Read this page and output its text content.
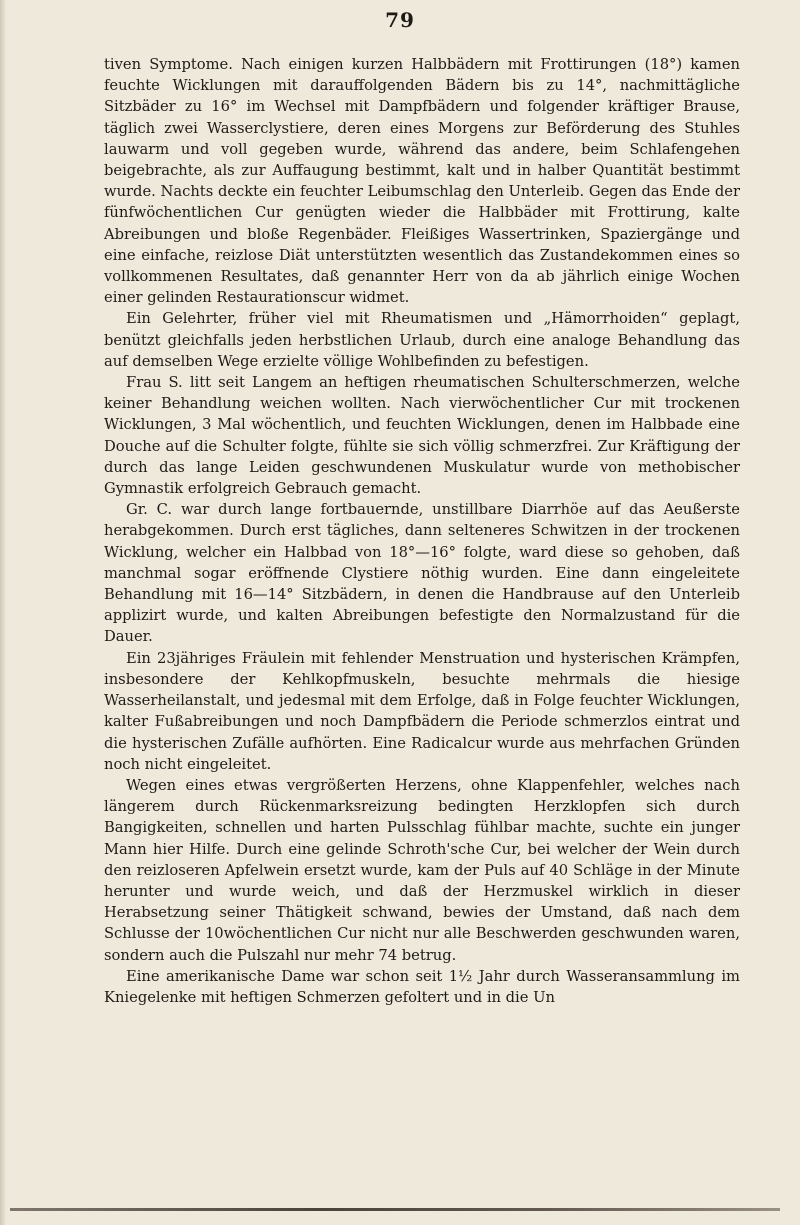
79

tiven Symptome. Nach einigen kurzen Halbbädern mit Frottirungen (18°) kamen feuchte Wicklungen mit darauffolgenden Bädern bis zu 14°, nachmittägliche Sitzbäder zu 16° im Wechsel mit Dampfbädern und folgender kräftiger Brause, täglich zwei Wasserclystiere, deren eines Morgens zur Beförderung des Stuhles lauwarm und voll gegeben wurde, während das andere, beim Schlafengehen beigebrachte, als zur Auffaugung bestimmt, kalt und in halber Quantität bestimmt wurde. Nachts deckte ein feuchter Leibumschlag den Unterleib. Gegen das Ende der fünfwöchentlichen Cur genügten wieder die Halbbäder mit Frottirung, kalte Abreibungen und bloße Regenbäder. Fleißiges Wassertrinken, Spaziergänge und eine einfache, reizlose Diät unterstützten wesentlich das Zustandekommen eines so vollkommenen Resultates, daß genannter Herr von da ab jährlich einige Wochen einer gelinden Restaurationscur widmet.

Ein Gelehrter, früher viel mit Rheumatismen und „Hämorrhoiden“ geplagt, benützt gleichfalls jeden herbstlichen Urlaub, durch eine analoge Behandlung das auf demselben Wege erzielte völlige Wohlbefinden zu befestigen.

Frau S. litt seit Langem an heftigen rheumatischen Schulterschmerzen, welche keiner Behandlung weichen wollten. Nach vierwöchentlicher Cur mit trockenen Wicklungen, 3 Mal wöchentlich, und feuchten Wicklungen, denen im Halbbade eine Douche auf die Schulter folgte, fühlte sie sich völlig schmerzfrei. Zur Kräftigung der durch das lange Leiden geschwundenen Muskulatur wurde von methobischer Gymnastik erfolgreich Gebrauch gemacht.

Gr. C. war durch lange fortbauernde, unstillbare Diarrhöe auf das Aeußerste herabgekommen. Durch erst tägliches, dann selteneres Schwitzen in der trockenen Wicklung, welcher ein Halbbad von 18°—16° folgte, ward diese so gehoben, daß manchmal sogar eröffnende Clystiere nöthig wurden. Eine dann eingeleitete Behandlung mit 16—14° Sitzbädern, in denen die Handbrause auf den Unterleib applizirt wurde, und kalten Abreibungen befestigte den Normalzustand für die Dauer.

Ein 23jähriges Fräulein mit fehlender Menstruation und hysterischen Krämpfen, insbesondere der Kehlkopfmuskeln, besuchte mehrmals die hiesige Wasserheilanstalt, und jedesmal mit dem Erfolge, daß in Folge feuchter Wicklungen, kalter Fußabreibungen und noch Dampfbädern die Periode schmerzlos eintrat und die hysterischen Zufälle aufhörten. Eine Radicalcur wurde aus mehrfachen Gründen noch nicht eingeleitet.

Wegen eines etwas vergrößerten Herzens, ohne Klappenfehler, welches nach längerem durch Rückenmarksreizung bedingten Herzklopfen sich durch Bangigkeiten, schnellen und harten Pulsschlag fühlbar machte, suchte ein junger Mann hier Hilfe. Durch eine gelinde Schroth'sche Cur, bei welcher der Wein durch den reizloseren Apfelwein ersetzt wurde, kam der Puls auf 40 Schläge in der Minute herunter und wurde weich, und daß der Herzmuskel wirklich in dieser Herabsetzung seiner Thätigkeit schwand, bewies der Umstand, daß nach dem Schlusse der 10wöchentlichen Cur nicht nur alle Beschwerden geschwunden waren, sondern auch die Pulszahl nur mehr 74 betrug.

Eine amerikanische Dame war schon seit 1½ Jahr durch Wasseransammlung im Kniegelenke mit heftigen Schmerzen gefoltert und in die Un
